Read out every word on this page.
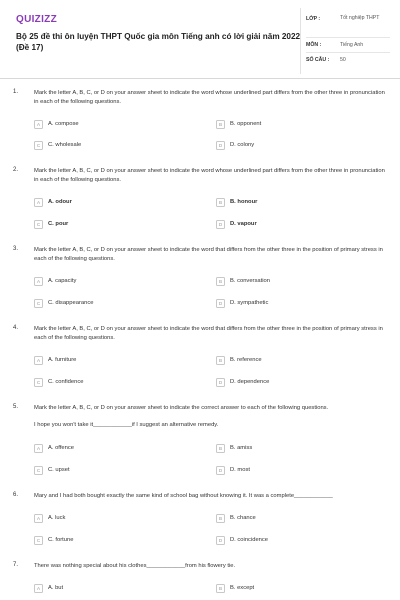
QUIZIZZ
Bộ 25 đề thi ôn luyện THPT Quốc gia môn Tiếng anh có lời giải năm 2022 (Đề 17)
LỚP :	Tốt nghiệp THPT
MÔN :	Tiếng Anh
SỐ CÂU : 50
1.	Mark the letter A, B, C, or D on your answer sheet to indicate the word whose underlined part differs from the other three in pronunciation in each of the following questions.
A	A. compose	B	B. opponent
C	C. wholesale	D	D. colony
2.	Mark the letter A, B, C, or D on your answer sheet to indicate the word whose underlined part differs from the other three in pronunciation in each of the following questions.
A	A. odour	B	B. honour
C	C. pour	D	D. vapour
3.	Mark the letter A, B, C, or D on your answer sheet to indicate the word that differs from the other three in the position of primary stress in each of the following questions.
A	A. capacity	B	B. conversation
C	C. disappearance	D	D. sympathetic
4.	Mark the letter A, B, C, or D on your answer sheet to indicate the word that differs from the other three in the position of primary stress in each of the following questions.
A	A. furniture	B	B. reference
C	C. confidence	D	D. dependence
5.	Mark the letter A, B, C, or D on your answer sheet to indicate the correct answer to each of the following questions.
I hope you won't take it____________if I suggest an alternative remedy.
A	A. offence	B	B. amiss
C	C. upset	D	D. most
6.	Mary and I had both bought exactly the same kind of school bag without knowing it. It was a complete____________
A	A. luck	B	B. chance
C	C. fortune	D	D. coincidence
7.	There was nothing special about his clothes____________from his flowery tie.
A	A. but	B	B. except
